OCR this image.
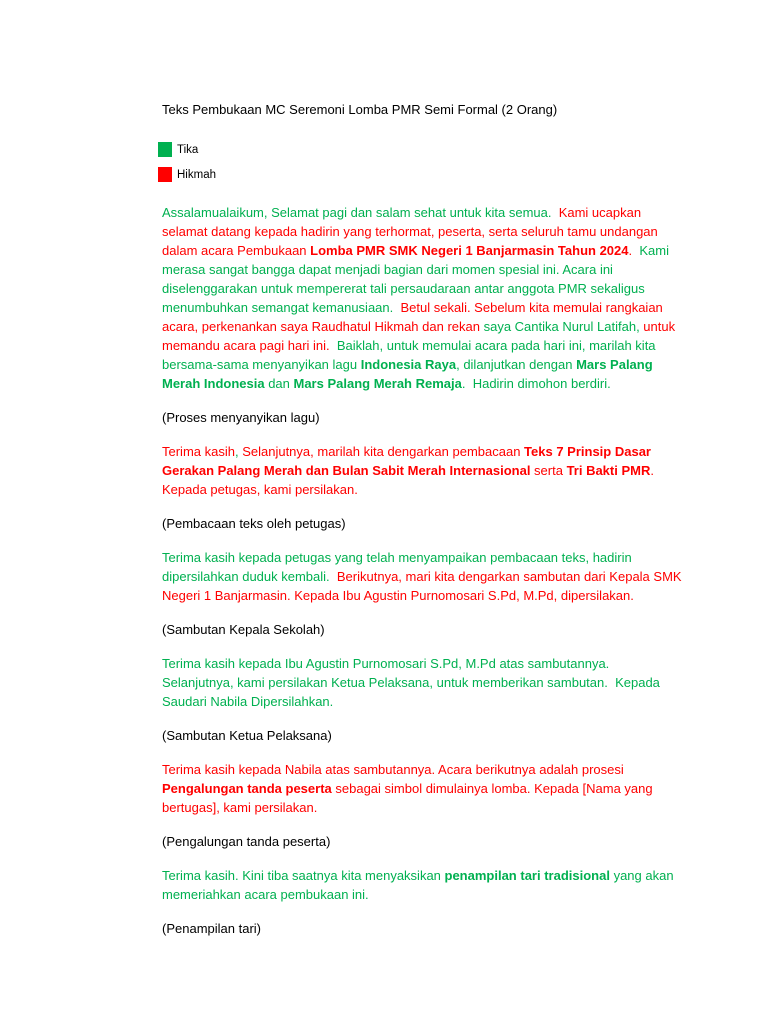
Teks Pembukaan MC Seremoni Lomba PMR Semi Formal (2 Orang)

Tika
Hikmah

Assalamualaikum, Selamat pagi dan salam sehat untuk kita semua.  Kami ucapkan selamat datang kepada hadirin yang terhormat, peserta, serta seluruh tamu undangan dalam acara Pembukaan Lomba PMR SMK Negeri 1 Banjarmasin Tahun 2024.  Kami merasa sangat bangga dapat menjadi bagian dari momen spesial ini. Acara ini diselenggarakan untuk mempererat tali persaudaraan antar anggota PMR sekaligus menumbuhkan semangat kemanusiaan.  Betul sekali. Sebelum kita memulai rangkaian acara, perkenankan saya Raudhatul Hikmah dan rekan saya Cantika Nurul Latifah, untuk memandu acara pagi hari ini.  Baiklah, untuk memulai acara pada hari ini, marilah kita bersama-sama menyanyikan lagu Indonesia Raya, dilanjutkan dengan Mars Palang Merah Indonesia dan Mars Palang Merah Remaja.  Hadirin dimohon berdiri.

(Proses menyanyikan lagu)

Terima kasih, Selanjutnya, marilah kita dengarkan pembacaan Teks 7 Prinsip Dasar Gerakan Palang Merah dan Bulan Sabit Merah Internasional serta Tri Bakti PMR. Kepada petugas, kami persilakan.

(Pembacaan teks oleh petugas)

Terima kasih kepada petugas yang telah menyampaikan pembacaan teks, hadirin dipersilahkan duduk kembali.  Berikutnya, mari kita dengarkan sambutan dari Kepala SMK Negeri 1 Banjarmasin. Kepada Ibu Agustin Purnomosari S.Pd, M.Pd, dipersilakan.

(Sambutan Kepala Sekolah)

Terima kasih kepada Ibu Agustin Purnomosari S.Pd, M.Pd atas sambutannya. Selanjutnya, kami persilakan Ketua Pelaksana, untuk memberikan sambutan.  Kepada Saudari Nabila Dipersilahkan.

(Sambutan Ketua Pelaksana)

Terima kasih kepada Nabila atas sambutannya. Acara berikutnya adalah prosesi Pengalungan tanda peserta sebagai simbol dimulainya lomba. Kepada [Nama yang bertugas], kami persilakan.

(Pengalungan tanda peserta)

Terima kasih. Kini tiba saatnya kita menyaksikan penampilan tari tradisional yang akan memeriahkan acara pembukaan ini.

(Penampilan tari)
